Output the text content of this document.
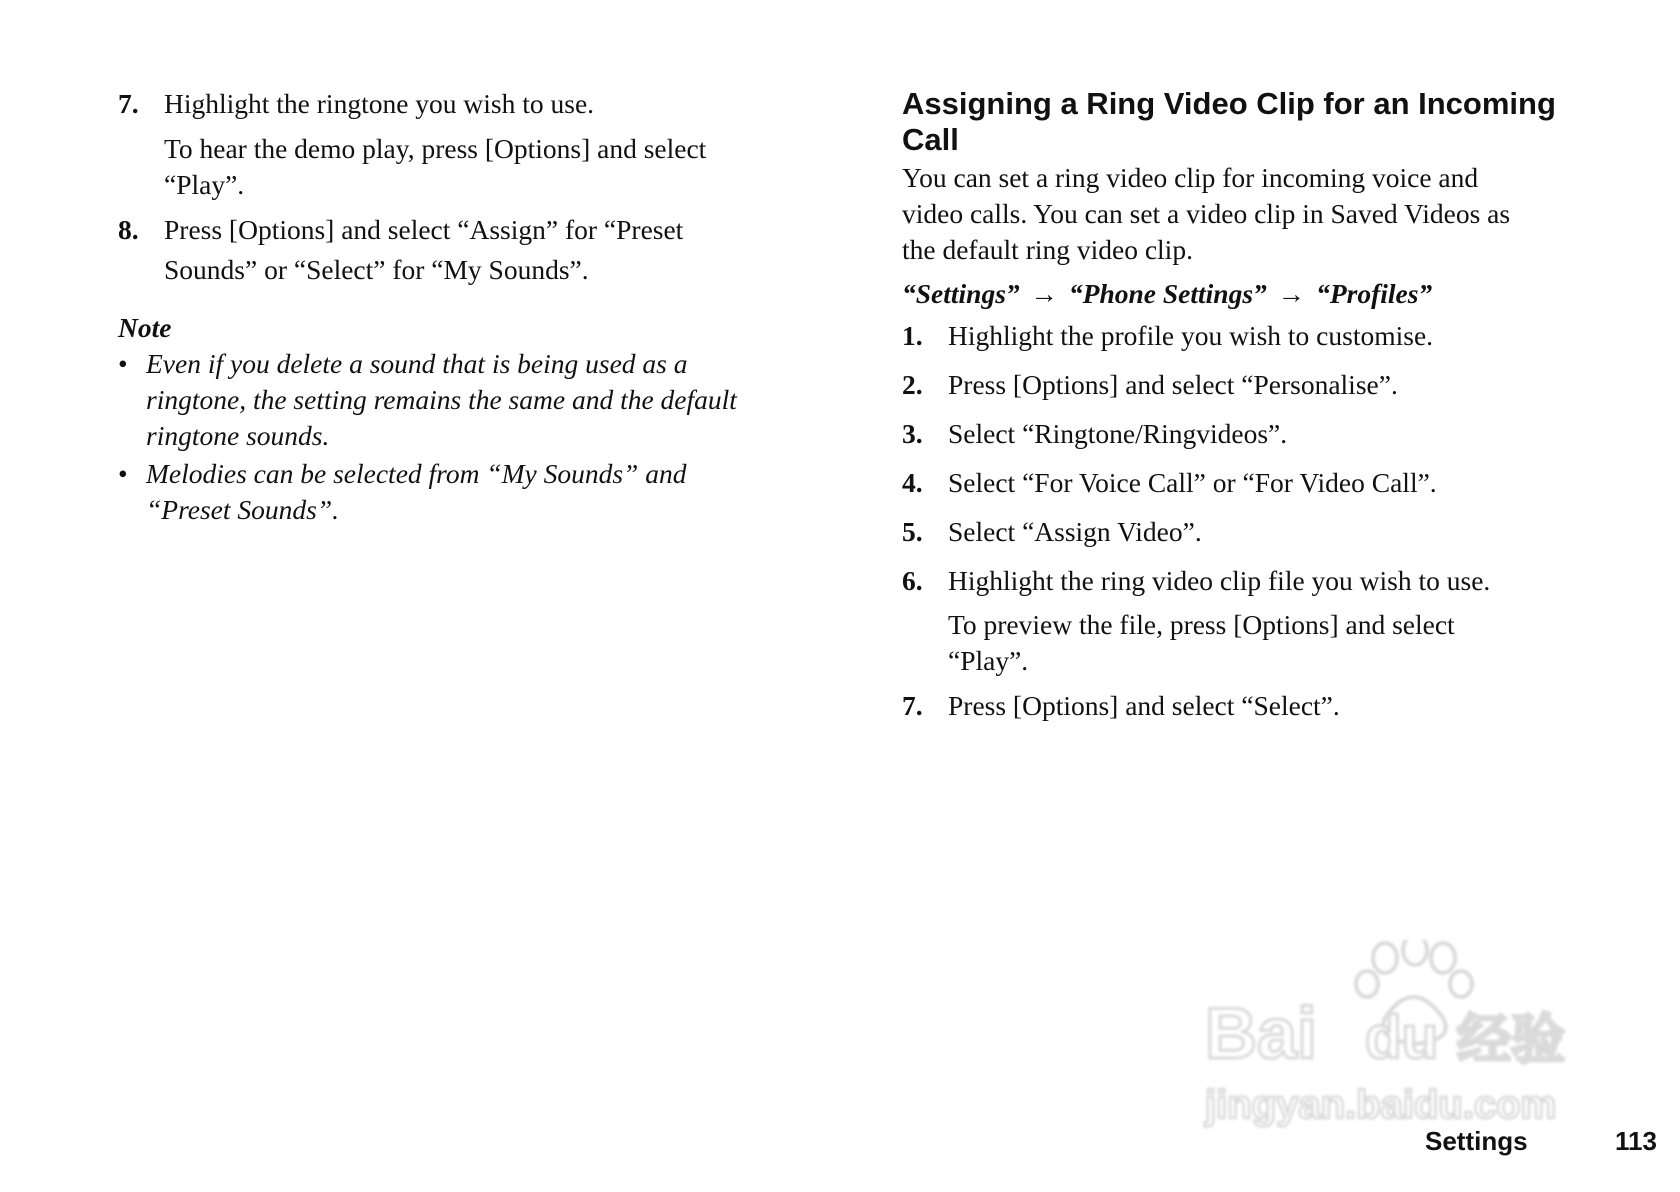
7. Highlight the ringtone you wish to use.
To hear the demo play, press [Options] and select
“Play”.
8. Press [Options] and select “Assign” for “Preset
Sounds” or “Select” for “My Sounds”.
Note
• Even if you delete a sound that is being used as a
ringtone, the setting remains the same and the default
ringtone sounds.
• Melodies can be selected from “My Sounds” and
“Preset Sounds”.
Assigning a Ring Video Clip for an Incoming
Call
You can set a ring video clip for incoming voice and
video calls. You can set a video clip in Saved Videos as
the default ring video clip.
“Settings” → “Phone Settings” → “Profiles”
1. Highlight the profile you wish to customise.
2. Press [Options] and select “Personalise”.
3. Select “Ringtone/Ringvideos”.
4. Select “For Voice Call” or “For Video Call”.
5. Select “Assign Video”.
6. Highlight the ring video clip file you wish to use.
To preview the file, press [Options] and select
“Play”.
7. Press [Options] and select “Select”.
Bai du 经验
jingyan.baidu.com
Settings	113
